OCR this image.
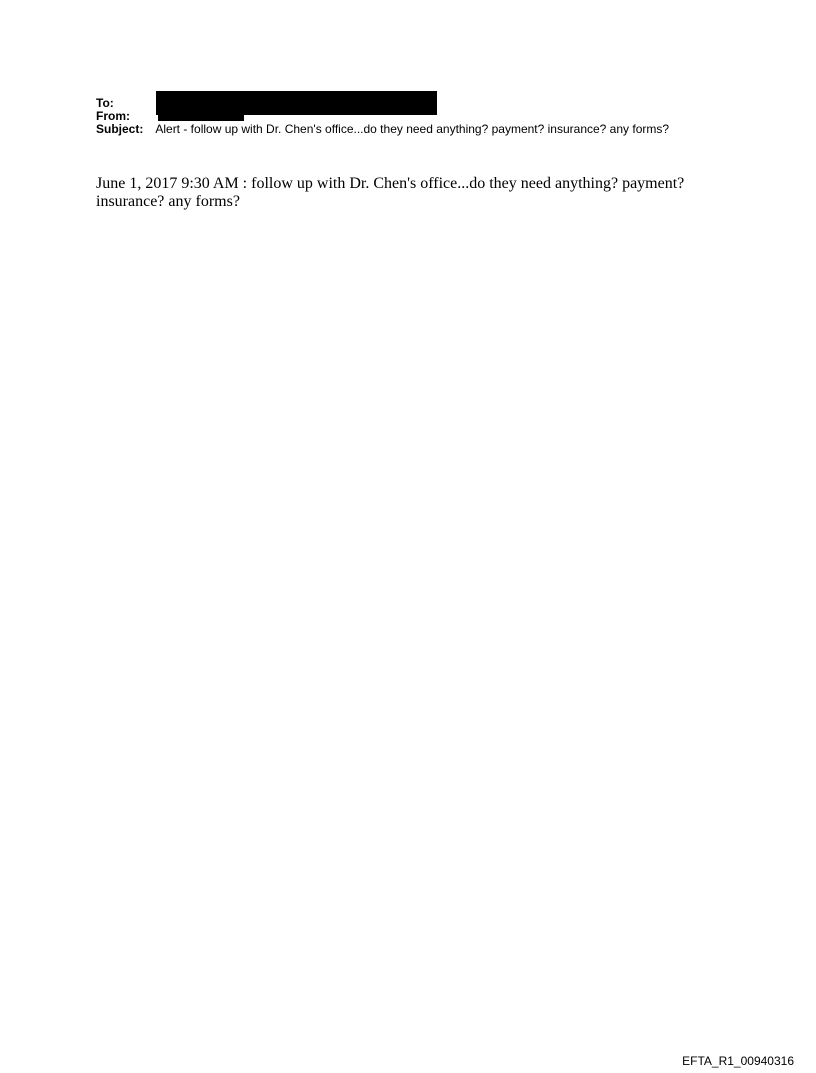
To:
From:
Subject: Alert - follow up with Dr. Chen's office...do they need anything? payment? insurance? any forms?
June 1, 2017 9:30 AM : follow up with Dr. Chen's office...do they need anything? payment? insurance? any forms?
EFTA_R1_00940316
